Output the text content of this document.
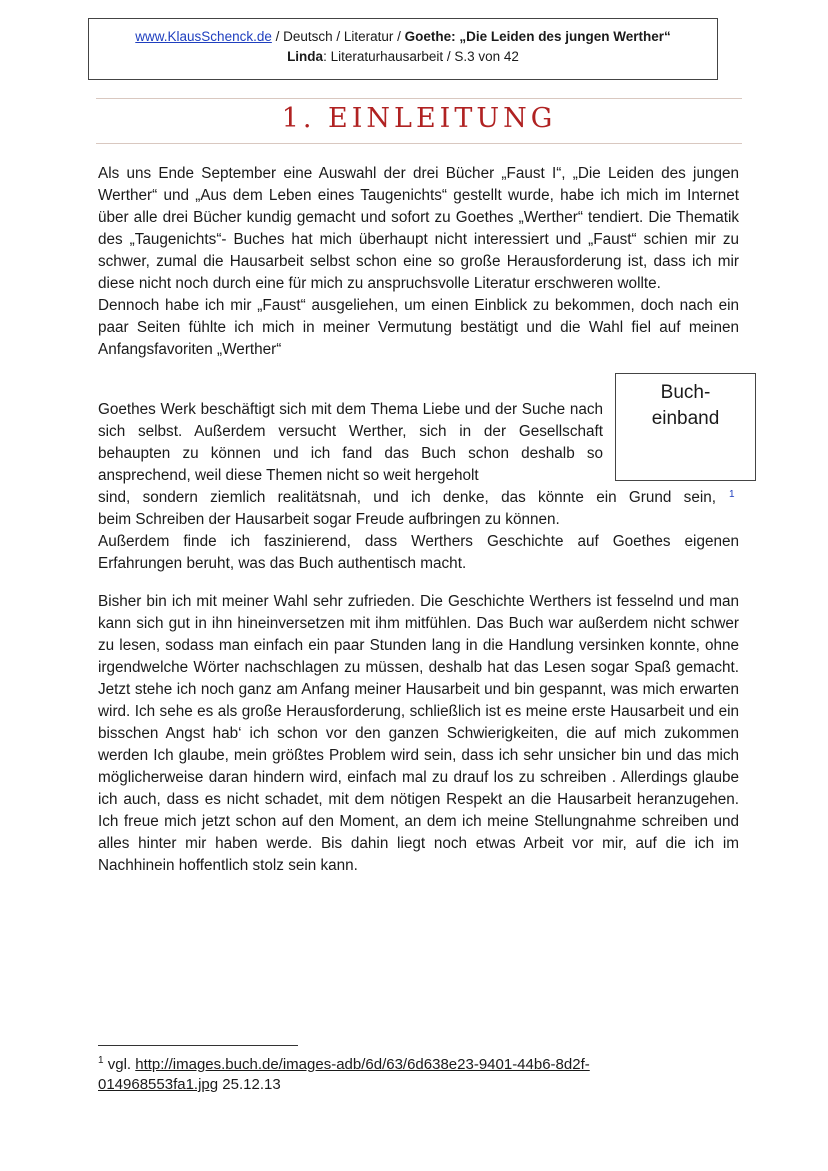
www.KlausSchenck.de / Deutsch / Literatur / Goethe: „Die Leiden des jungen Werther“
Linda: Literaturhausarbeit / S.3 von 42
1. EINLEITUNG

Als uns Ende September eine Auswahl der drei Bücher „Faust I“, „Die Leiden des jungen Werther“ und „Aus dem Leben eines Taugenichts“ gestellt wurde, habe ich mich im Internet über alle drei Bücher kundig gemacht und sofort zu Goethes „Werther“ tendiert. Die Thematik des „Taugenichts“- Buches hat mich überhaupt nicht interessiert und „Faust“ schien mir zu schwer, zumal die Hausarbeit selbst schon eine so große Herausforderung ist, dass ich mir diese nicht noch durch eine für mich zu anspruchsvolle Literatur erschweren wollte.

Dennoch habe ich mir „Faust“ ausgeliehen, um einen Einblick zu bekommen, doch nach ein paar Seiten fühlte ich mich in meiner Vermutung bestätigt und die Wahl fiel auf meinen Anfangsfavoriten „Werther“

Goethes Werk beschäftigt sich mit dem Thema Liebe und der Suche nach sich selbst. Außerdem versucht Werther, sich in der Gesellschaft behaupten zu können und ich fand das Buch schon deshalb so ansprechend, weil diese Themen nicht so weit hergeholt
Buch-
einband
sind, sondern ziemlich realitätsnah, und ich denke, das könnte ein Grund sein, 1

beim Schreiben der Hausarbeit sogar Freude aufbringen zu können.

Außerdem finde ich faszinierend, dass Werthers Geschichte auf Goethes eigenen Erfahrungen beruht, was das Buch authentisch macht.

Bisher bin ich mit meiner Wahl sehr zufrieden. Die Geschichte Werthers ist fesselnd und man kann sich gut in ihn hineinversetzen mit ihm mitfühlen. Das Buch war außerdem nicht schwer zu lesen, sodass man einfach ein paar Stunden lang in die Handlung versinken konnte, ohne irgendwelche Wörter nachschlagen zu müssen, deshalb hat das Lesen sogar Spaß gemacht. Jetzt stehe ich noch ganz am Anfang meiner Hausarbeit und bin gespannt, was mich erwarten wird. Ich sehe es als große Herausforderung, schließlich ist es meine erste Hausarbeit und ein bisschen Angst hab‘ ich schon vor den ganzen Schwierigkeiten, die auf mich zukommen werden Ich glaube, mein größtes Problem wird sein, dass ich sehr unsicher bin und das mich möglicherweise daran hindern wird, einfach mal zu drauf los zu schreiben . Allerdings glaube ich auch, dass es nicht schadet, mit dem nötigen Respekt an die Hausarbeit heranzugehen. Ich freue mich jetzt schon auf den Moment, an dem ich meine Stellungnahme schreiben und alles hinter mir haben werde. Bis dahin liegt noch etwas Arbeit vor mir, auf die ich im Nachhinein hoffentlich stolz sein kann.
$^1$ vgl. http://images.buch.de/images-adb/6d/63/6d638e23-9401-44b6-8d2f-
014968553fa1.jpg 25.12.13
